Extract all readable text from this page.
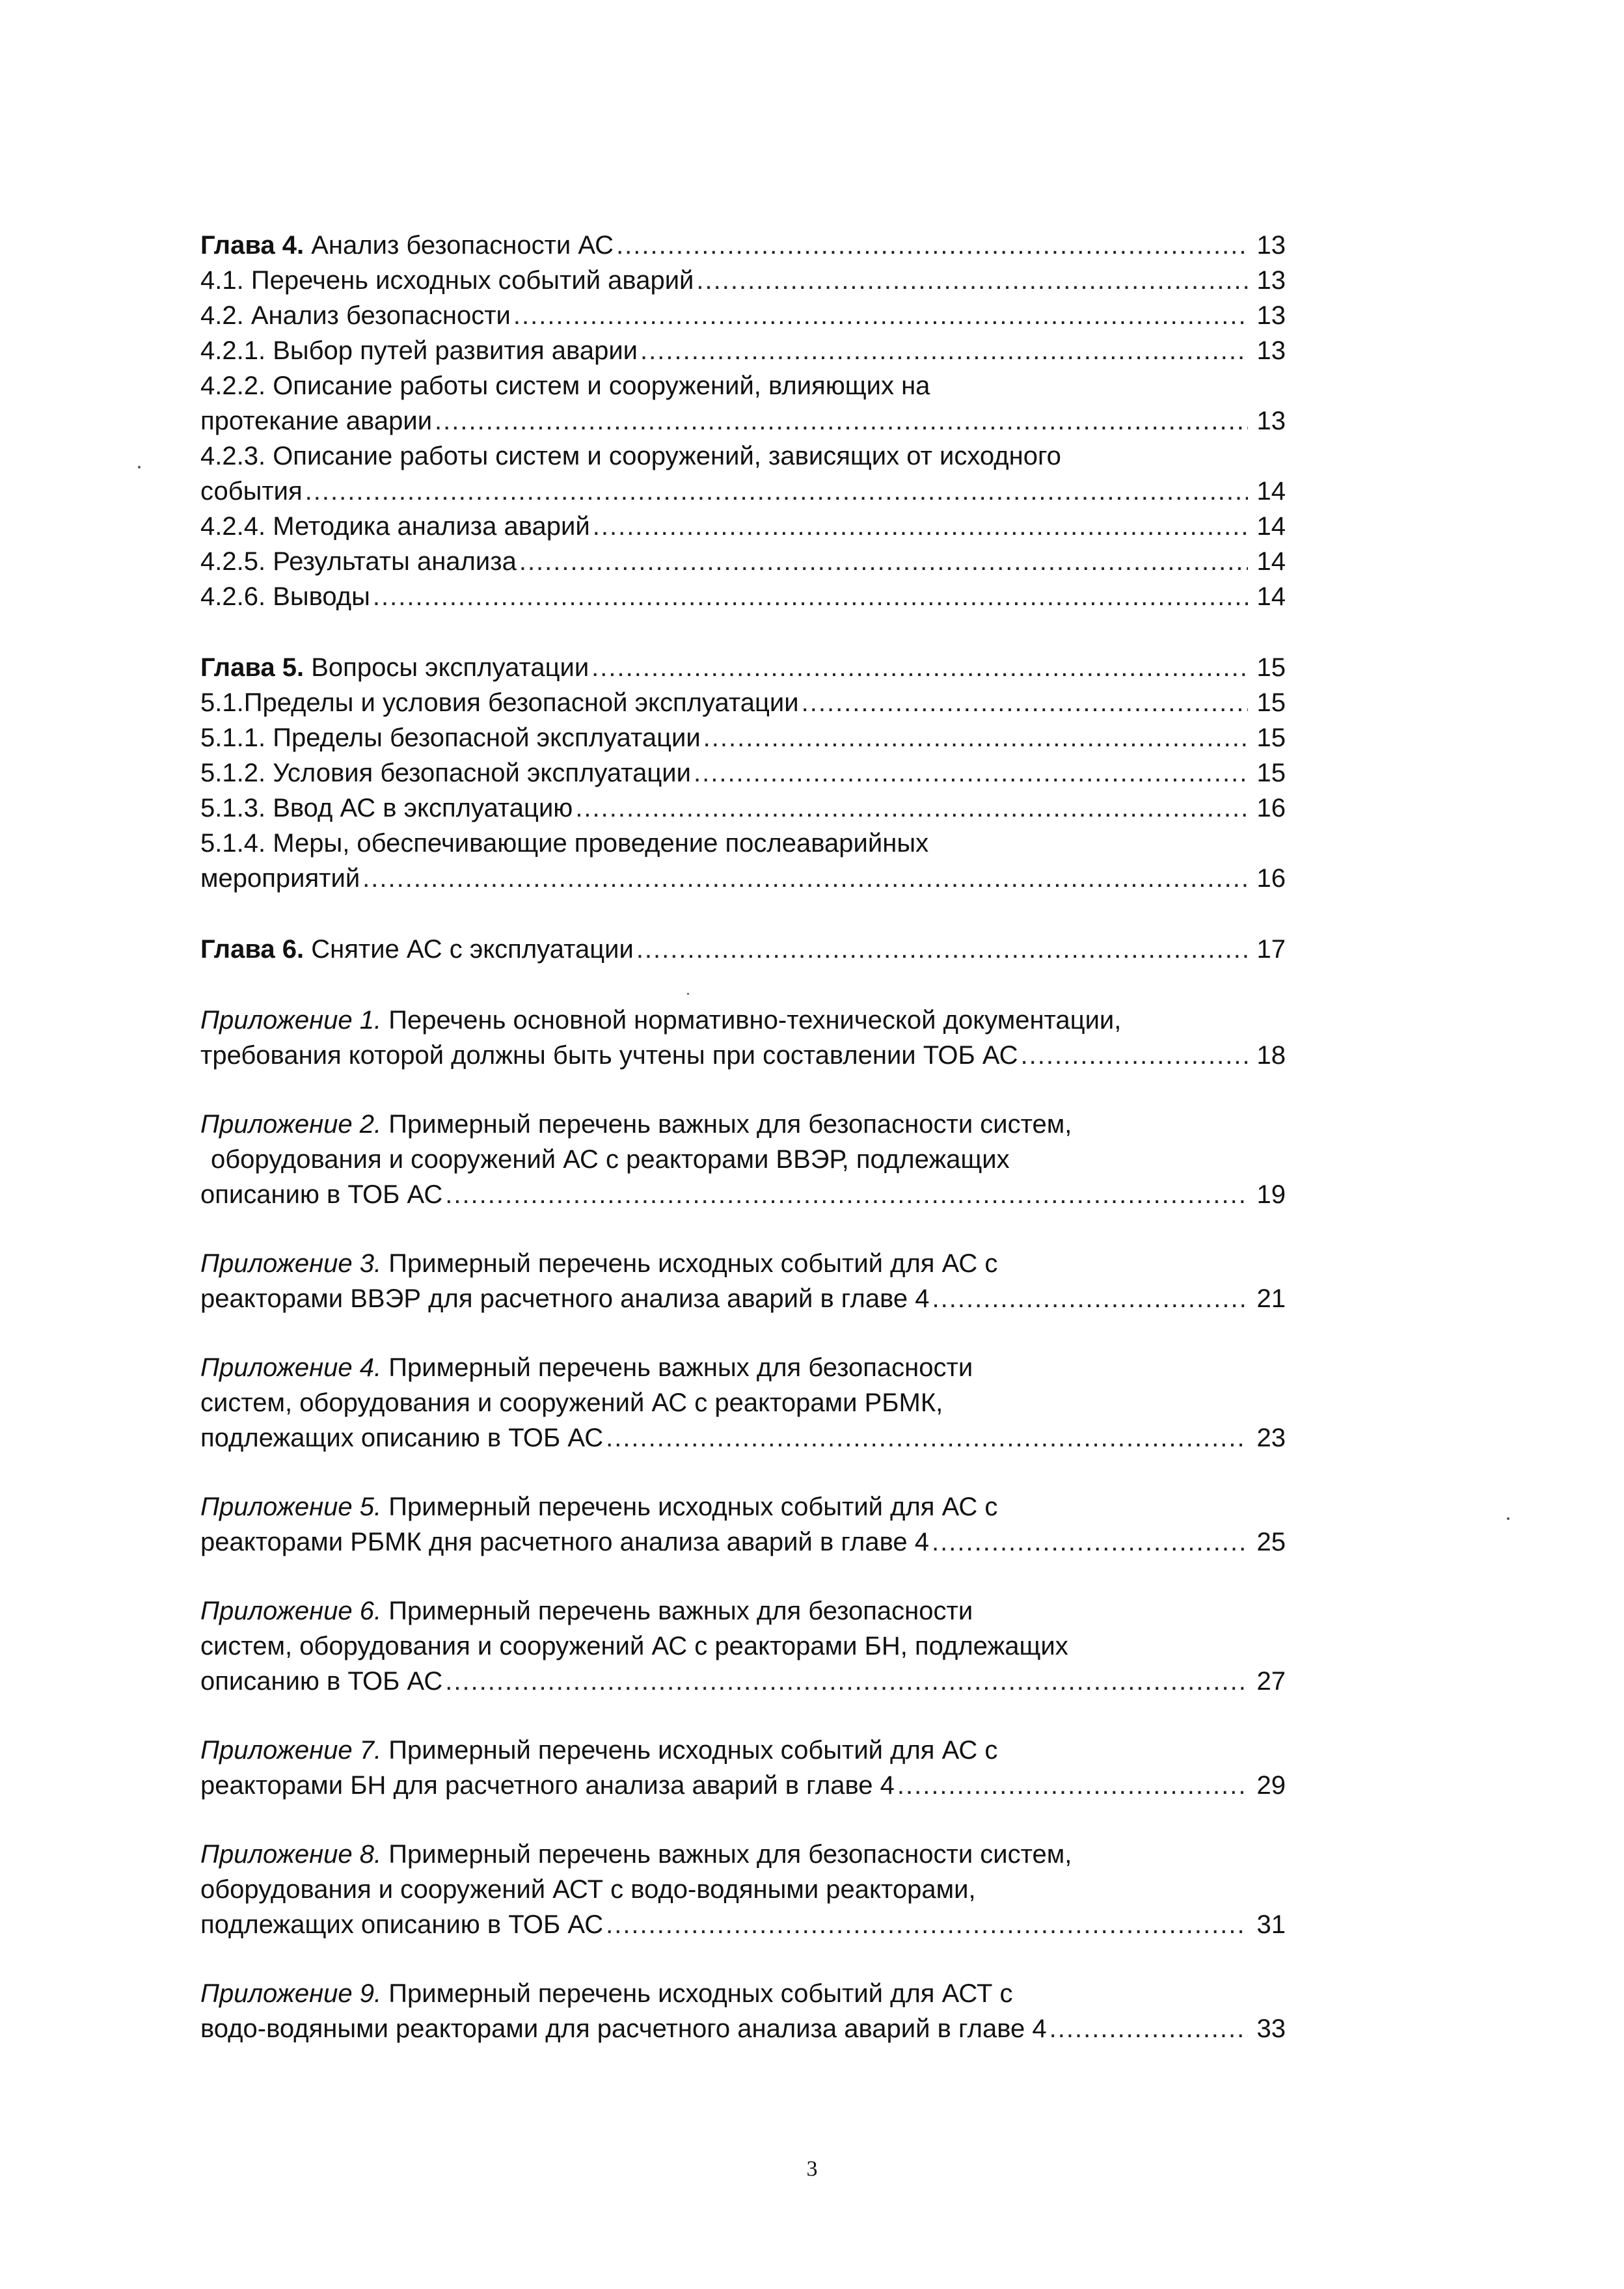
Глава 4. Анализ безопасности АС .....	13
4.1. Перечень исходных событий аварий .....	13
4.2. Анализ безопасности .....	13
4.2.1. Выбор путей развития аварии .....	13
4.2.2. Описание работы систем и сооружений, влияющих на
протекание аварии .....	13
4.2.3. Описание работы систем и сооружений, зависящих от исходного
события .....	14
4.2.4. Методика анализа аварий .....	14
4.2.5. Результаты анализа .....	14
4.2.6. Выводы .....	14
Глава 5. Вопросы эксплуатации .....	15
5.1.Пределы и условия безопасной эксплуатации .....	15
5.1.1. Пределы безопасной эксплуатации .....	15
5.1.2. Условия безопасной эксплуатации .....	15
5.1.3. Ввод АС в эксплуатацию .....	16
5.1.4. Меры, обеспечивающие проведение послеаварийных
мероприятий .....	16
Глава 6. Снятие АС с эксплуатации .....	17
Приложение 1. Перечень основной нормативно-технической документации,
требования которой должны быть учтены при составлении ТОБ АС .....	18
Приложение 2. Примерный перечень важных для безопасности систем,
оборудования и сооружений АС с реакторами ВВЭР, подлежащих
описанию в ТОБ АС .....	19
Приложение 3. Примерный перечень исходных событий для АС с
реакторами ВВЭР для расчетного анализа аварий в главе 4 .....	21
Приложение 4. Примерный перечень важных для безопасности
систем, оборудования и сооружений АС с реакторами РБМК,
подлежащих описанию в ТОБ АС .....	23
Приложение 5. Примерный перечень исходных событий для АС с
реакторами РБМК дня расчетного анализа аварий в главе 4 .....	25
Приложение 6. Примерный перечень важных для безопасности
систем, оборудования и сооружений АС с реакторами БН, подлежащих
описанию в ТОБ АС .....	27
Приложение 7. Примерный перечень исходных событий для АС с
реакторами БН для расчетного анализа аварий в главе 4 .....	29
Приложение 8. Примерный перечень важных для безопасности систем,
оборудования и сооружений АСТ с водо-водяными реакторами,
подлежащих описанию в ТОБ АС .....	31
Приложение 9. Примерный перечень исходных событий для АСТ с
водо-водяными реакторами для расчетного анализа аварий в главе 4 .....	33
3
